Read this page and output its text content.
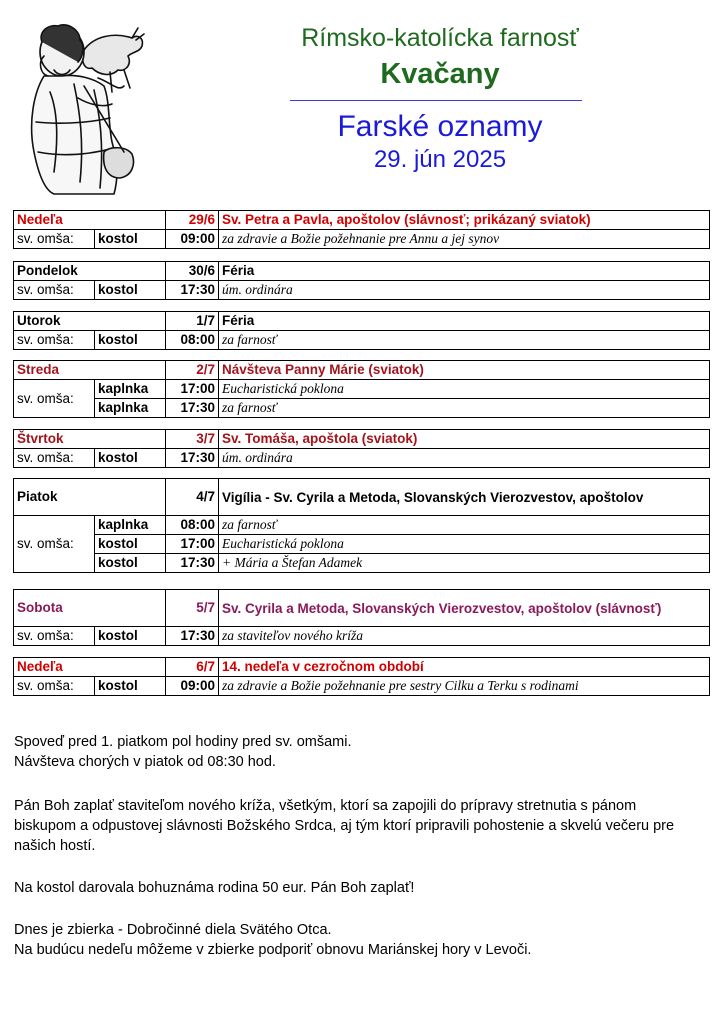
Rímsko-katolícka farnosť
Kvačany
Farské oznamy
29. jún 2025
Nedeľa		29/6	Sv. Petra a Pavla, apoštolov (slávnosť; prikázaný sviatok)
sv. omša:	kostol	09:00	za zdravie a Božie požehnanie pre Annu a jej synov
Pondelok		30/6	Féria
sv. omša:	kostol	17:30	úm. ordinára
Utorok		1/7	Féria
sv. omša:	kostol	08:00	za farnosť
Streda		2/7	Návšteva Panny Márie (sviatok)
sv. omša:	kaplnka	17:00	Eucharistická poklona
	kaplnka	17:30	za farnosť
Štvrtok		3/7	Sv. Tomáša, apoštola (sviatok)
sv. omša:	kostol	17:30	úm. ordinára
Piatok		4/7	Vigília - Sv. Cyrila a Metoda, Slovanských Vierozvestov, apoštolov
sv. omša:	kaplnka	08:00	za farnosť
	kostol	17:00	Eucharistická poklona
	kostol	17:30	+ Mária a Štefan Adamek
Sobota		5/7	Sv. Cyrila a Metoda, Slovanských Vierozvestov, apoštolov (slávnosť)
sv. omša:	kostol	17:30	za staviteľov nového kríža
Nedeľa		6/7	14. nedeľa v cezročnom období
sv. omša:	kostol	09:00	za zdravie a Božie požehnanie pre sestry Cilku a Terku s rodinami
Spoveď pred 1. piatkom pol hodiny pred sv. omšami.
Návšteva chorých v piatok od 08:30 hod.
Pán Boh zaplať staviteľom nového kríža, všetkým, ktorí sa zapojili do prípravy stretnutia s pánom biskupom a odpustovej slávnosti Božského Srdca, aj tým ktorí pripravili pohostenie a skvelú večeru pre našich hostí.
Na kostol darovala bohuznáma rodina 50 eur. Pán Boh zaplať!
Dnes je zbierka - Dobročinné diela Svätého Otca.
Na budúcu nedeľu môžeme v zbierke podporiť obnovu Mariánskej hory v Levoči.
